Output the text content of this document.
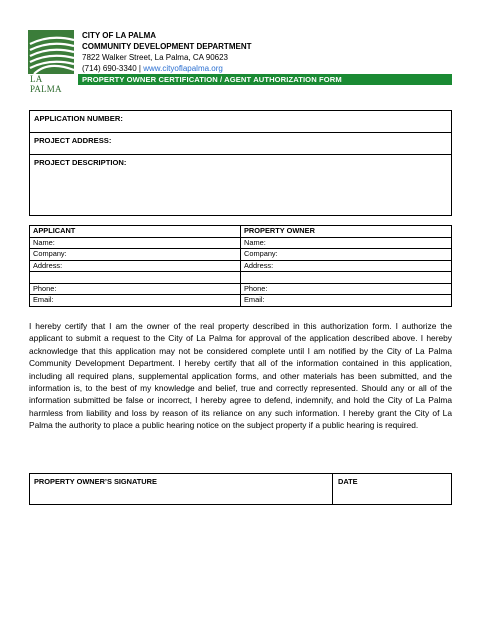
LA PALMA
CITY OF LA PALMA
COMMUNITY DEVELOPMENT DEPARTMENT
7822 Walker Street, La Palma, CA 90623
(714) 690-3340 | www.cityoflapalma.org
PROPERTY OWNER CERTIFICATION / AGENT AUTHORIZATION FORM
APPLICATION NUMBER:
PROJECT ADDRESS:
PROJECT DESCRIPTION:
APPLICANT	PROPERTY OWNER
Name:	Name:
Company:	Company:
Address:	Address:

Phone:	Phone:
Email:	Email:
I hereby certify that I am the owner of the real property described in this authorization form. I authorize the applicant to submit a request to the City of La Palma for approval of the application described above. I hereby acknowledge that this application may not be considered complete until I am notified by the City of La Palma Community Development Department. I hereby certify that all of the information contained in this application, including all required plans, supplemental application forms, and other materials has been submitted, and the information is, to the best of my knowledge and belief, true and correctly represented. Should any or all of the information submitted be false or incorrect, I hereby agree to defend, indemnify, and hold the City of La Palma harmless from liability and loss by reason of its reliance on any such information. I hereby grant the City of La Palma the authority to place a public hearing notice on the subject property if a public hearing is required.
PROPERTY OWNER’S SIGNATURE	DATE
